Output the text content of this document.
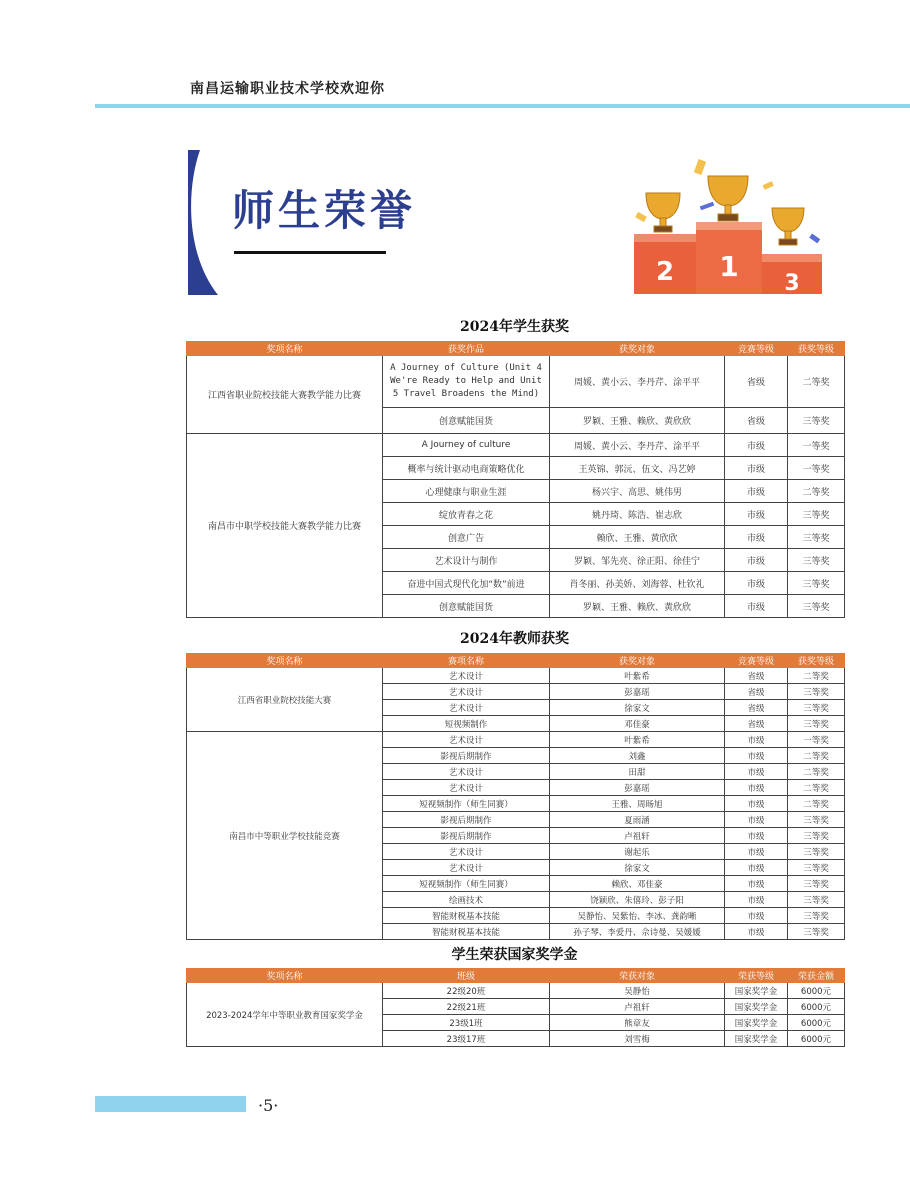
南昌运输职业技术学校欢迎你
师生荣誉
2 1
3
2024年学生获奖
奖项名称	获奖作品	获奖对象	竞赛等级	获奖等级
江西省职业院校技能大赛教学能力比赛	A Journey of Culture (Unit 4 We're Ready to Help and Unit 5 Travel Broadens the Mind)	周媛、黄小云、李丹芹、涂平平	省级	二等奖
	创意赋能国货	罗颖、王雅、赖欣、黄欣欣	省级	三等奖
南昌市中职学校技能大赛教学能力比赛	A Journey of culture	周媛、黄小云、李丹芹、涂平平	市级	一等奖
	概率与统计驱动电商策略优化	王英锦、郭沅、伍文、冯艺婷	市级	一等奖
	心理健康与职业生涯	杨兴宇、高思、姚伟男	市级	二等奖
	绽放青春之花	姚丹琦、陈浩、崔志欣	市级	三等奖
	创意广告	赖欣、王雅、黄欣欣	市级	三等奖
	艺术设计与制作	罗颖、邹先亮、徐正阳、徐佳宁	市级	三等奖
	奋进中国式现代化加“数”前进	肖冬丽、孙美娇、刘海蓉、杜钦礼	市级	三等奖
	创意赋能国货	罗颖、王雅、赖欣、黄欣欣	市级	三等奖
2024年教师获奖
奖项名称	赛项名称	获奖对象	竞赛等级	获奖等级
江西省职业院校技能大赛	艺术设计	叶紫希	省级	二等奖
	艺术设计	彭嘉瑶	省级	三等奖
	艺术设计	徐家文	省级	三等奖
	短视频制作	邓佳豪	省级	三等奖
南昌市中等职业学校技能竞赛	艺术设计	叶紫希	市级	一等奖
	影视后期制作	刘鑫	市级	二等奖
	艺术设计	田甜	市级	二等奖
	艺术设计	彭嘉瑶	市级	二等奖
	短视频制作（师生同赛）	王雅、周旸旭	市级	二等奖
	影视后期制作	夏雨涵	市级	三等奖
	影视后期制作	卢祖轩	市级	三等奖
	艺术设计	谢起乐	市级	三等奖
	艺术设计	徐家文	市级	三等奖
	短视频制作（师生同赛）	赖欣、邓佳豪	市级	三等奖
	绘画技术	饶颖欣、朱僖玲、彭子阳	市级	三等奖
	智能财税基本技能	吴静怡、吴紫怡、李冰、龚韵晰	市级	三等奖
	智能财税基本技能	孙子琴、李爱丹、佘诗曼、吴媛媛	市级	三等奖
学生荣获国家奖学金
奖项名称	班级	荣获对象	荣获等级	荣获金额
2023-2024学年中等职业教育国家奖学金	22级20班	吴静怡	国家奖学金	6000元
	22级21班	卢祖轩	国家奖学金	6000元
	23级1班	熊章友	国家奖学金	6000元
	23级17班	刘雪梅	国家奖学金	6000元
·5·
